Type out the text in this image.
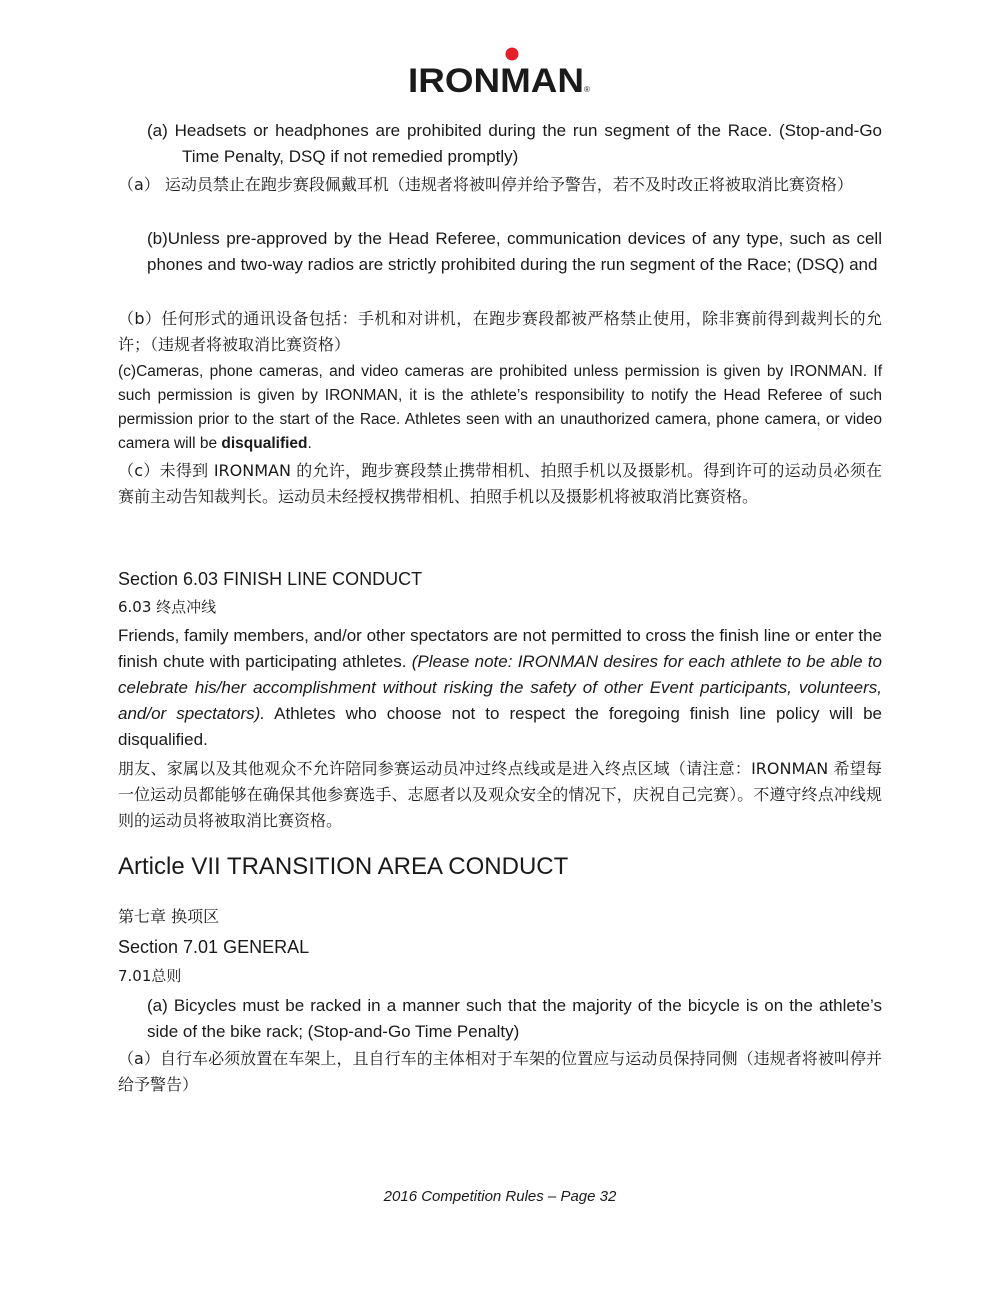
IRONMAN ®

(a) Headsets or headphones are prohibited during the run segment of the Race. (Stop-and-Go Time Penalty, DSQ if not remedied promptly)

（a） 运动员禁止在跑步赛段佩戴耳机（违规者将被叫停并给予警告，若不及时改正将被取消比赛资格）

(b)Unless pre-approved by the Head Referee, communication devices of any type, such as cell phones and two-way radios are strictly prohibited during the run segment of the Race; (DSQ) and

（b）任何形式的通讯设备包括：手机和对讲机，在跑步赛段都被严格禁止使用，除非赛前得到裁判长的允许；（违规者将被取消比赛资格）

(c)Cameras, phone cameras, and video cameras are prohibited unless permission is given by IRONMAN. If such permission is given by IRONMAN, it is the athlete’s responsibility to notify the Head Referee of such permission prior to the start of the Race. Athletes seen with an unauthorized camera, phone camera, or video camera will be disqualified.

（c）未得到 IRONMAN 的允许，跑步赛段禁止携带相机、拍照手机以及摄影机。得到许可的运动员必须在赛前主动告知裁判长。运动员未经授权携带相机、拍照手机以及摄影机将被取消比赛资格。

Section 6.03 FINISH LINE CONDUCT

6.03 终点冲线

Friends, family members, and/or other spectators are not permitted to cross the finish line or enter the finish chute with participating athletes. (Please note: IRONMAN desires for each athlete to be able to celebrate his/her accomplishment without risking the safety of other Event participants, volunteers, and/or spectators). Athletes who choose not to respect the foregoing finish line policy will be disqualified.

朋友、家属以及其他观众不允许陪同参赛运动员冲过终点线或是进入终点区域（请注意：IRONMAN 希望每一位运动员都能够在确保其他参赛选手、志愿者以及观众安全的情况下，庆祝自己完赛）。不遵守终点冲线规则的运动员将被取消比赛资格。

Article VII TRANSITION AREA CONDUCT

第七章 换项区

Section 7.01 GENERAL

7.01总则

(a) Bicycles must be racked in a manner such that the majority of the bicycle is on the athlete’s side of the bike rack; (Stop-and-Go Time Penalty)

（a）自行车必须放置在车架上，且自行车的主体相对于车架的位置应与运动员保持同侧（违规者将被叫停并给予警告）

2016 Competition Rules – Page 32
